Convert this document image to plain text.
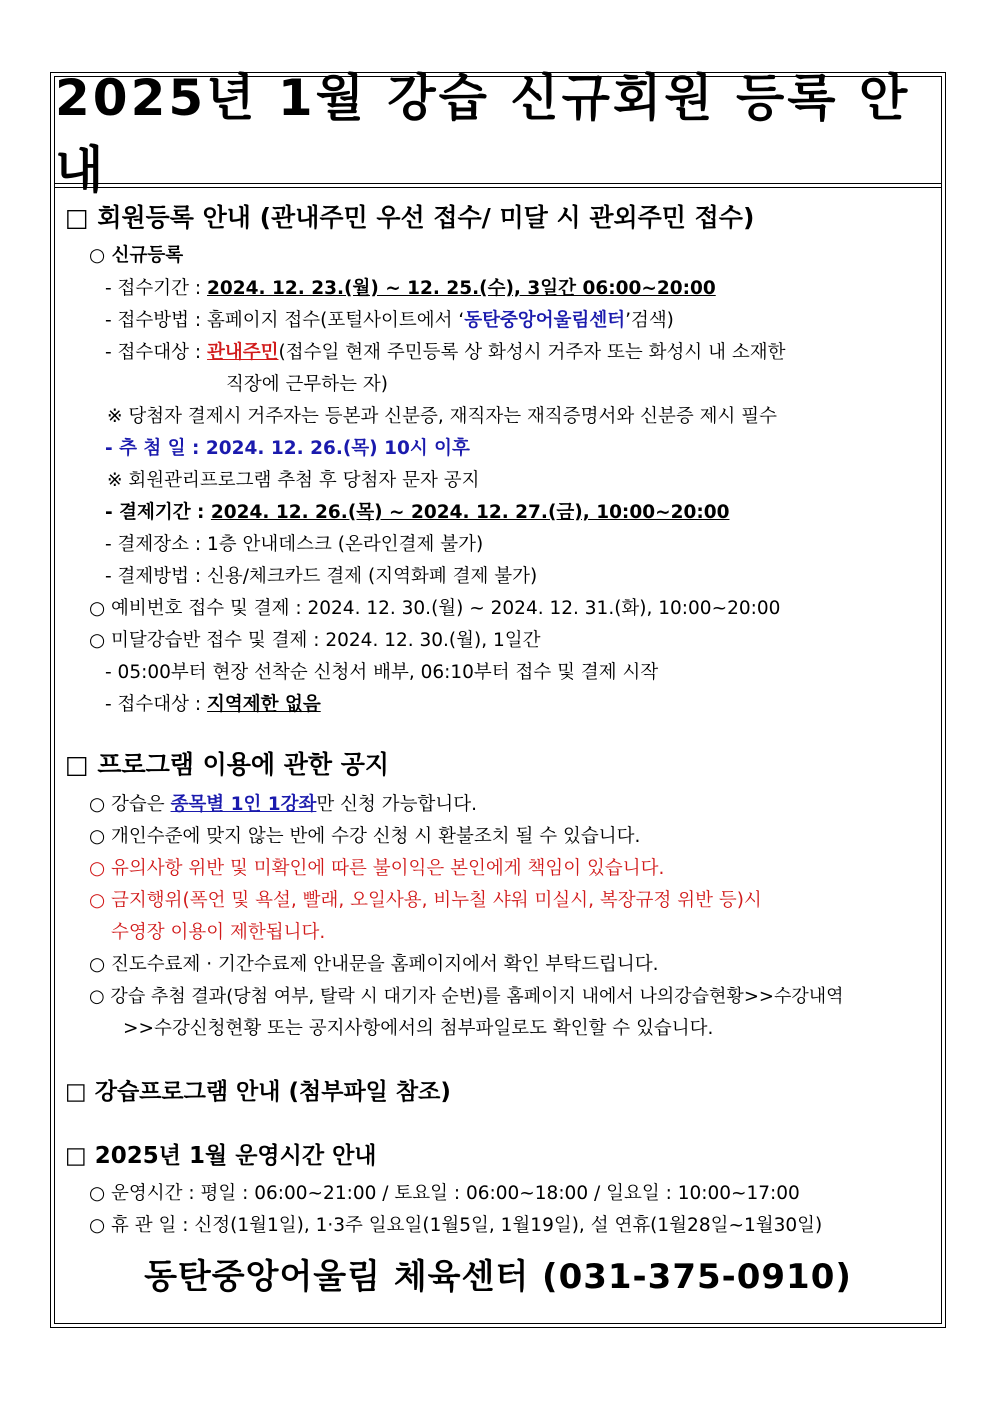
2025년 1월 강습 신규회원 등록 안내
□ 회원등록 안내 (관내주민 우선 접수/ 미달 시 관외주민 접수)
○ 신규등록
- 접수기간 : 2024. 12. 23.(월) ~ 12. 25.(수), 3일간 06:00~20:00
- 접수방법 : 홈페이지 접수(포털사이트에서 ‘동탄중앙어울림센터’검색)
- 접수대상 : 관내주민(접수일 현재 주민등록 상 화성시 거주자 또는 화성시 내 소재한
직장에 근무하는 자)
※ 당첨자 결제시 거주자는 등본과 신분증, 재직자는 재직증명서와 신분증 제시 필수
- 추 첨 일 : 2024. 12. 26.(목) 10시 이후
※ 회원관리프로그램 추첨 후 당첨자 문자 공지
- 결제기간 : 2024. 12. 26.(목) ~ 2024. 12. 27.(금), 10:00~20:00
- 결제장소 : 1층 안내데스크 (온라인결제 불가)
- 결제방법 : 신용/체크카드 결제 (지역화폐 결제 불가)
○ 예비번호 접수 및 결제 : 2024. 12. 30.(월) ~ 2024. 12. 31.(화), 10:00~20:00
○ 미달강습반 접수 및 결제 : 2024. 12. 30.(월), 1일간
- 05:00부터 현장 선착순 신청서 배부, 06:10부터 접수 및 결제 시작
- 접수대상 : 지역제한 없음
□ 프로그램 이용에 관한 공지
○ 강습은 종목별 1인 1강좌만 신청 가능합니다.
○ 개인수준에 맞지 않는 반에 수강 신청 시 환불조치 될 수 있습니다.
○ 유의사항 위반 및 미확인에 따른 불이익은 본인에게 책임이 있습니다.
○ 금지행위(폭언 및 욕설, 빨래, 오일사용, 비누칠 샤워 미실시, 복장규정 위반 등)시
수영장 이용이 제한됩니다.
○ 진도수료제 · 기간수료제 안내문을 홈페이지에서 확인 부탁드립니다.
○ 강습 추첨 결과(당첨 여부, 탈락 시 대기자 순번)를 홈페이지 내에서 나의강습현황>>수강내역
>>수강신청현황 또는 공지사항에서의 첨부파일로도 확인할 수 있습니다.
□ 강습프로그램 안내 (첨부파일 참조)
□ 2025년 1월 운영시간 안내
○ 운영시간 : 평일 : 06:00~21:00 / 토요일 : 06:00~18:00 / 일요일 : 10:00~17:00
○ 휴 관 일 : 신정(1월1일), 1·3주 일요일(1월5일, 1월19일), 설 연휴(1월28일~1월30일)
동탄중앙어울림 체육센터 (031-375-0910)
